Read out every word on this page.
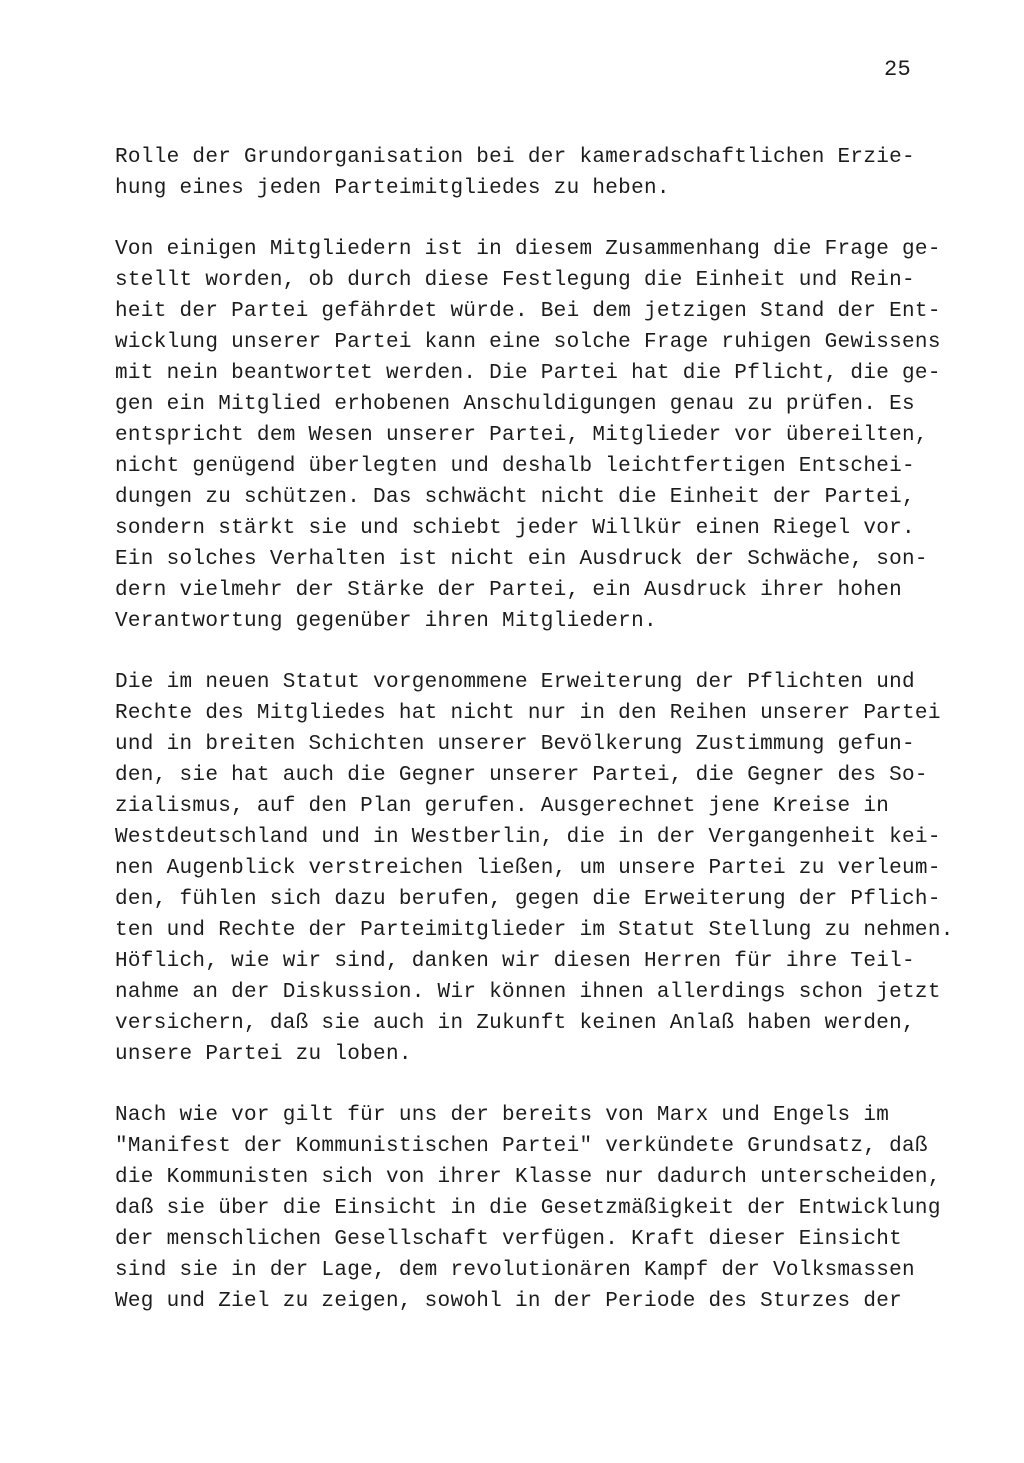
25

Rolle der Grundorganisation bei der kameradschaftlichen Erzie-
hung eines jeden Parteimitgliedes zu heben.

Von einigen Mitgliedern ist in diesem Zusammenhang die Frage ge-
stellt worden, ob durch diese Festlegung die Einheit und Rein-
heit der Partei gefährdet würde. Bei dem jetzigen Stand der Ent-
wicklung unserer Partei kann eine solche Frage ruhigen Gewissens
mit nein beantwortet werden. Die Partei hat die Pflicht, die ge-
gen ein Mitglied erhobenen Anschuldigungen genau zu prüfen. Es
entspricht dem Wesen unserer Partei, Mitglieder vor übereilten,
nicht genügend überlegten und deshalb leichtfertigen Entschei-
dungen zu schützen. Das schwächt nicht die Einheit der Partei,
sondern stärkt sie und schiebt jeder Willkür einen Riegel vor.
Ein solches Verhalten ist nicht ein Ausdruck der Schwäche, son-
dern vielmehr der Stärke der Partei, ein Ausdruck ihrer hohen
Verantwortung gegenüber ihren Mitgliedern.

Die im neuen Statut vorgenommene Erweiterung der Pflichten und
Rechte des Mitgliedes hat nicht nur in den Reihen unserer Partei
und in breiten Schichten unserer Bevölkerung Zustimmung gefun-
den, sie hat auch die Gegner unserer Partei, die Gegner des So-
zialismus, auf den Plan gerufen. Ausgerechnet jene Kreise in
Westdeutschland und in Westberlin, die in der Vergangenheit kei-
nen Augenblick verstreichen ließen, um unsere Partei zu verleum-
den, fühlen sich dazu berufen, gegen die Erweiterung der Pflich-
ten und Rechte der Parteimitglieder im Statut Stellung zu nehmen.
Höflich, wie wir sind, danken wir diesen Herren für ihre Teil-
nahme an der Diskussion. Wir können ihnen allerdings schon jetzt
versichern, daß sie auch in Zukunft keinen Anlaß haben werden,
unsere Partei zu loben.

Nach wie vor gilt für uns der bereits von Marx und Engels im
"Manifest der Kommunistischen Partei" verkündete Grundsatz, daß
die Kommunisten sich von ihrer Klasse nur dadurch unterscheiden,
daß sie über die Einsicht in die Gesetzmäßigkeit der Entwicklung
der menschlichen Gesellschaft verfügen. Kraft dieser Einsicht
sind sie in der Lage, dem revolutionären Kampf der Volksmassen
Weg und Ziel zu zeigen, sowohl in der Periode des Sturzes der
